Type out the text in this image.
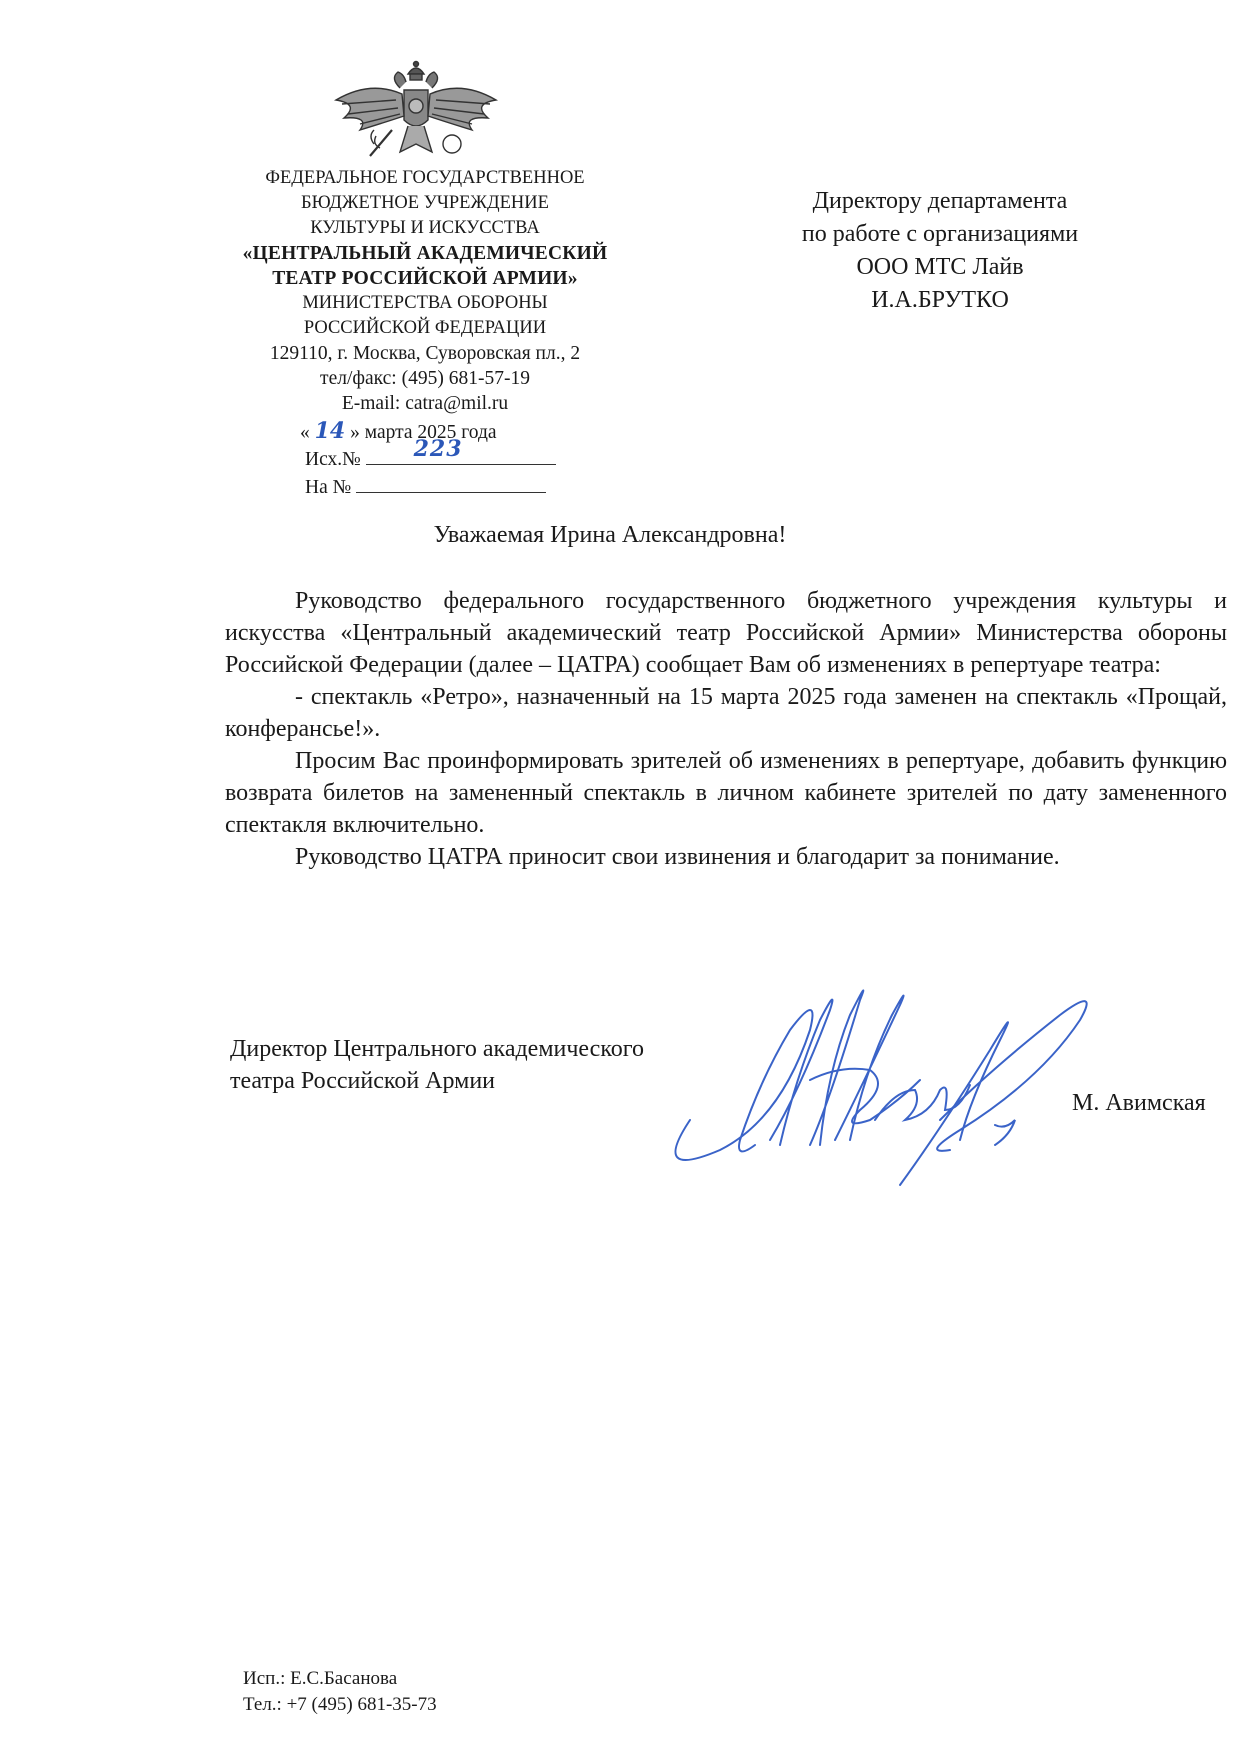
ФЕДЕРАЛЬНОЕ ГОСУДАРСТВЕННОЕ
БЮДЖЕТНОЕ УЧРЕЖДЕНИЕ
КУЛЬТУРЫ И ИСКУССТВА
«ЦЕНТРАЛЬНЫЙ АКАДЕМИЧЕСКИЙ
ТЕАТР РОССИЙСКОЙ АРМИИ»
МИНИСТЕРСТВА ОБОРОНЫ
РОССИЙСКОЙ ФЕДЕРАЦИИ
129110, г. Москва, Суворовская пл., 2
тел/факс: (495) 681-57-19
E-mail: catra@mil.ru
« 14 » марта 2025 года
Исх.№ 223
На №
Директору департамента
по работе с организациями
ООО МТС Лайв
И.А.БРУТКО
Уважаемая Ирина Александровна!

Руководство федерального государственного бюджетного учреждения культуры и искусства «Центральный академический театр Российской Армии» Министерства обороны Российской Федерации (далее – ЦАТРА) сообщает Вам об изменениях в репертуаре театра:

- спектакль «Ретро», назначенный на 15 марта 2025 года заменен на спектакль «Прощай, конферансье!».

Просим Вас проинформировать зрителей об изменениях в репертуаре, добавить функцию возврата билетов на замененный спектакль в личном кабинете зрителей по дату замененного спектакля включительно.

Руководство ЦАТРА приносит свои извинения и благодарит за понимание.

Директор Центрального академического
театра Российской Армии
М. Авимская
Исп.: Е.С.Басанова
Тел.: +7 (495) 681-35-73
